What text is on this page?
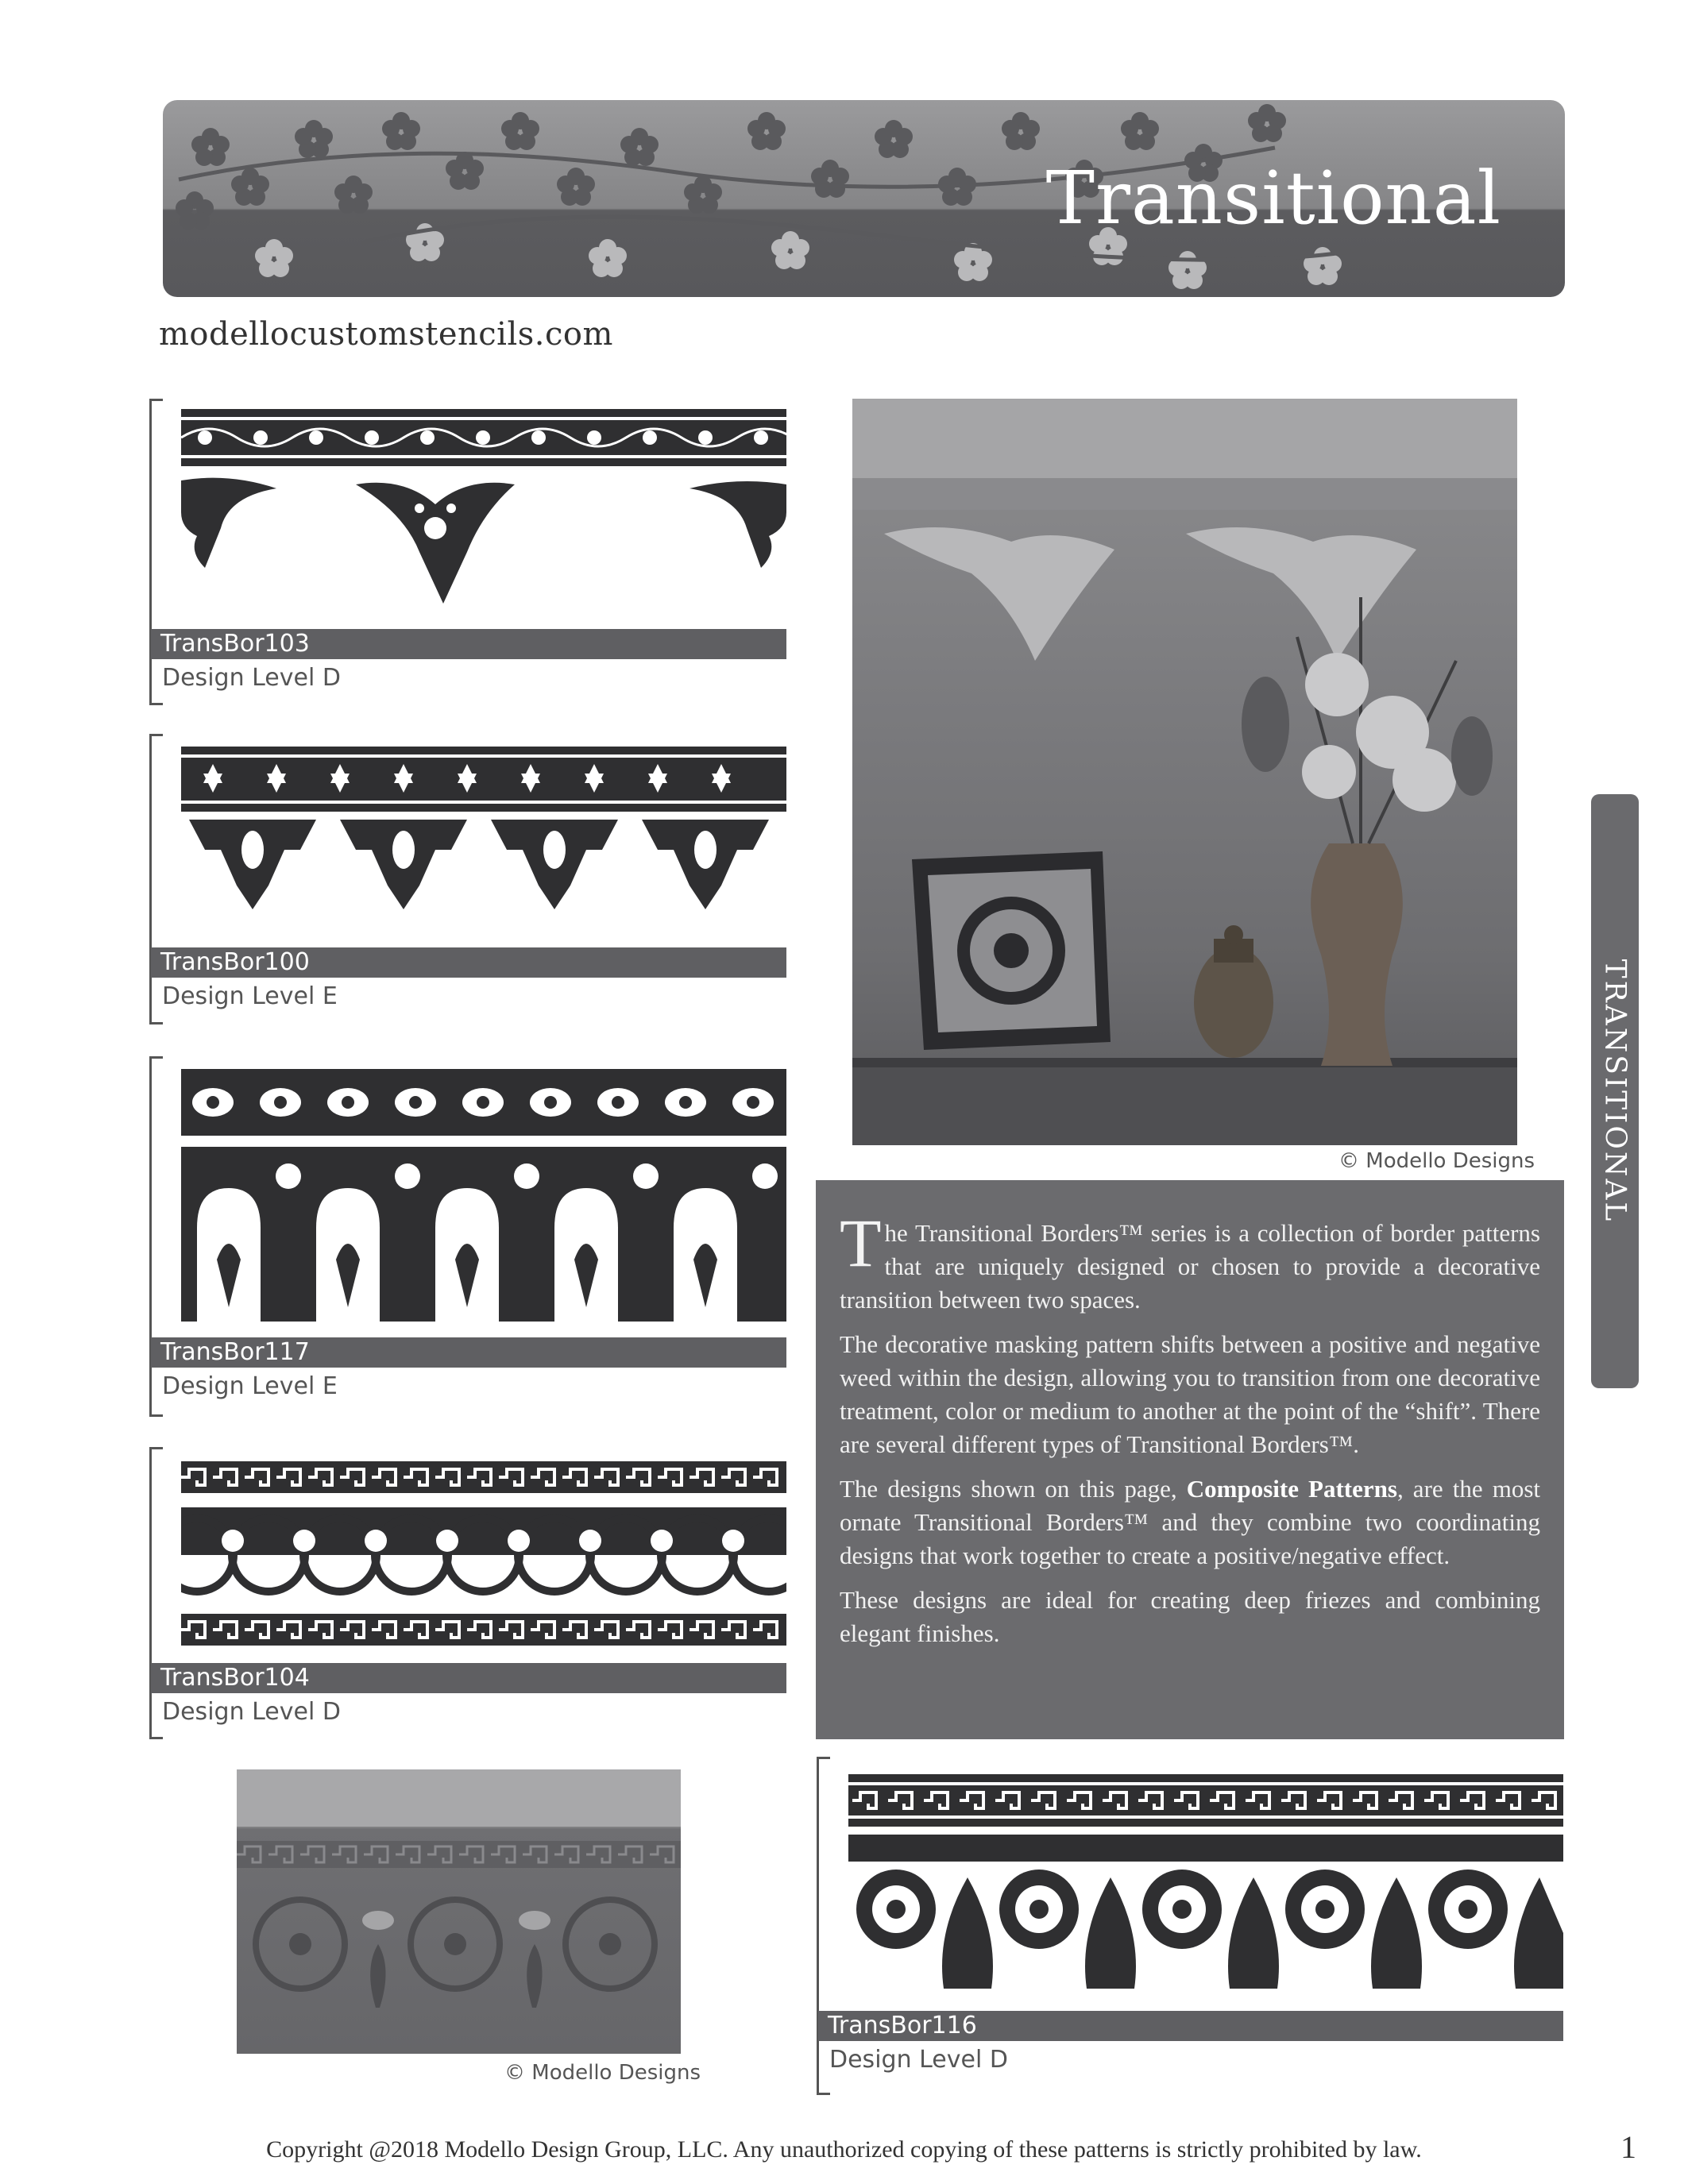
Transitional
modellocustomstencils.com
TRANSITIONAL
TransBor103
Design Level D
TransBor100
Design Level E
TransBor117
Design Level E
TransBor104
Design Level D
© Modello Designs

The Transitional Borders™ series is a collection of border patterns that are uniquely designed or chosen to provide a decorative transition between two spaces.

The decorative masking pattern shifts between a positive and negative weed within the design, allowing you to transition from one decorative treatment, color or medium to another at the point of the “shift”. There are several different types of Transitional Borders™.

The designs shown on this page, Composite Patterns, are the most ornate Transitional Borders™ and they combine two coordinating designs that work together to create a positive/negative effect.

These designs are ideal for creating deep friezes and combining elegant finishes.

© Modello Designs
TransBor116
Design Level D
Copyright @2018 Modello Design Group, LLC. Any unauthorized copying of these patterns is strictly prohibited by law.	1
